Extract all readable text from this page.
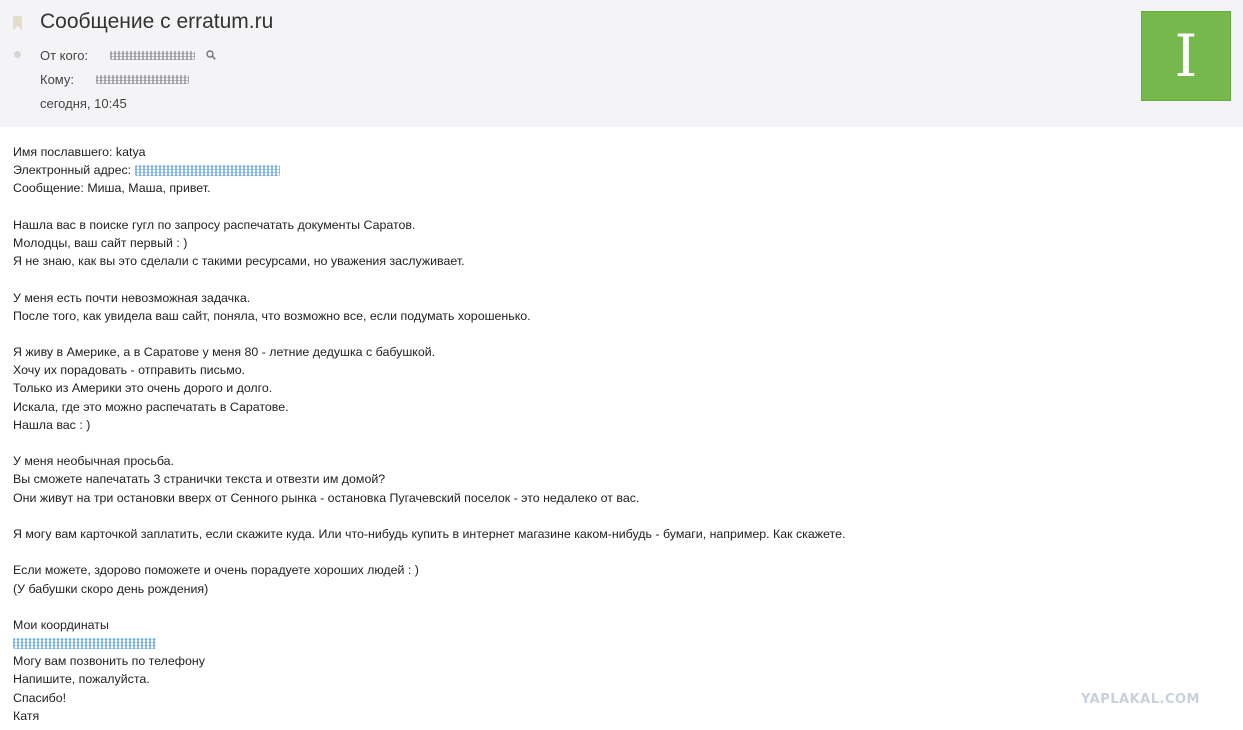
Сообщение с erratum.ru
От кого:
Кому:
сегодня, 10:45
I
Имя пославшего: katya
Электронный адрес:
Сообщение: Миша, Маша, привет.
Нашла вас в поиске гугл по запросу распечатать документы Саратов.
Молодцы, ваш сайт первый : )
Я не знаю, как вы это сделали с такими ресурсами, но уважения заслуживает.
У меня есть почти невозможная задачка.
После того, как увидела ваш сайт, поняла, что возможно все, если подумать хорошенько.
Я живу в Америке, а в Саратове у меня 80 - летние дедушка с бабушкой.
Хочу их порадовать - отправить письмо.
Только из Америки это очень дорого и долго.
Искала, где это можно распечатать в Саратове.
Нашла вас : )
У меня необычная просьба.
Вы сможете напечатать 3 странички текста и отвезти им домой?
Они живут на три остановки вверх от Сенного рынка - остановка Пугачевский поселок - это недалеко от вас.
Я могу вам карточкой заплатить, если скажите куда. Или что-нибудь купить в интернет магазине каком-нибудь - бумаги, например. Как скажете.
Если можете, здорово поможете и очень порадуете хороших людей : )
(У бабушки скоро день рождения)
Мои координаты
Могу вам позвонить по телефону
Напишите, пожалуйста.
Спасибо!
Катя
YAPLAKAL.COM
